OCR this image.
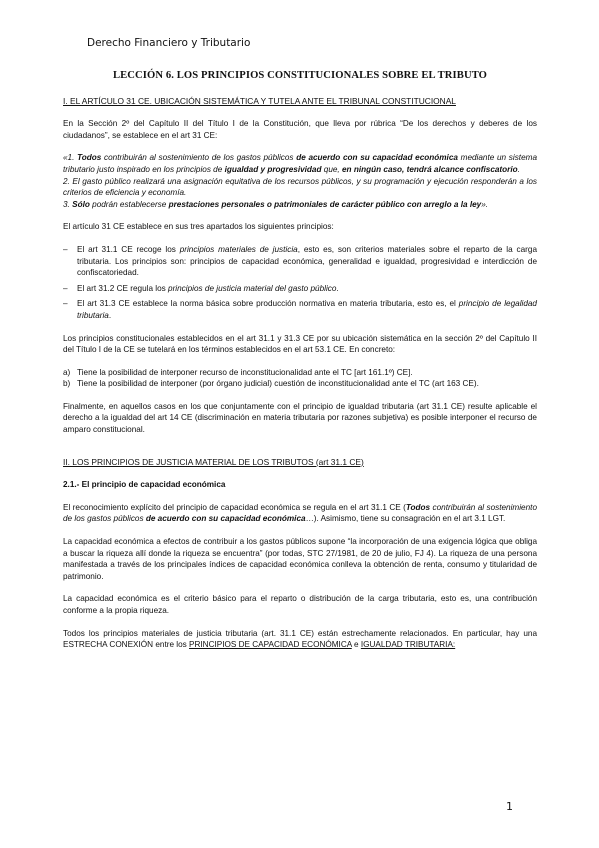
Derecho Financiero y Tributario
LECCIÓN 6. LOS PRINCIPIOS CONSTITUCIONALES SOBRE EL TRIBUTO
I. EL ARTÍCULO 31 CE. UBICACIÓN SISTEMÁTICA Y TUTELA ANTE EL TRIBUNAL CONSTITUCIONAL

En la Sección 2º del Capítulo II del Título I de la Constitución, que lleva por rúbrica “De los derechos y deberes de los ciudadanos”, se establece en el art 31 CE:

«1. Todos contribuirán al sostenimiento de los gastos públicos de acuerdo con su capacidad económica mediante un sistema tributario justo inspirado en los principios de igualdad y progresividad que, en ningún caso, tendrá alcance confiscatorio.
2. El gasto público realizará una asignación equitativa de los recursos públicos, y su programación y ejecución responderán a los criterios de eficiencia y economía.
3. Sólo podrán establecerse prestaciones personales o patrimoniales de carácter público con arreglo a la ley».

El artículo 31 CE establece en sus tres apartados los siguientes principios:

– El art 31.1 CE recoge los principios materiales de justicia, esto es, son criterios materiales sobre el reparto de la carga tributaria. Los principios son: principios de capacidad económica, generalidad e igualdad, progresividad e interdicción de confiscatoriedad.
– El art 31.2 CE regula los principios de justicia material del gasto público.
– El art 31.3 CE establece la norma básica sobre producción normativa en materia tributaria, esto es, el principio de legalidad tributaria.

Los principios constitucionales establecidos en el art 31.1 y 31.3 CE por su ubicación sistemática en la sección 2º del Capítulo II del Título I de la CE se tutelará en los términos establecidos en el art 53.1 CE. En concreto:

a) Tiene la posibilidad de interponer recurso de inconstitucionalidad ante el TC [art 161.1º) CE].
b) Tiene la posibilidad de interponer (por órgano judicial) cuestión de inconstitucionalidad ante el TC (art 163 CE).

Finalmente, en aquellos casos en los que conjuntamente con el principio de igualdad tributaria (art 31.1 CE) resulte aplicable el derecho a la igualdad del art 14 CE (discriminación en materia tributaria por razones subjetiva) es posible interponer el recurso de amparo constitucional.

II. LOS PRINCIPIOS DE JUSTICIA MATERIAL DE LOS TRIBUTOS (art 31.1 CE)
2.1.- El principio de capacidad económica

El reconocimiento explícito del principio de capacidad económica se regula en el art 31.1 CE (Todos contribuirán al sostenimiento de los gastos públicos de acuerdo con su capacidad económica…). Asimismo, tiene su consagración en el art 3.1 LGT.

La capacidad económica a efectos de contribuir a los gastos públicos supone “la incorporación de una exigencia lógica que obliga a buscar la riqueza allí donde la riqueza se encuentra” (por todas, STC 27/1981, de 20 de julio, FJ 4). La riqueza de una persona manifestada a través de los principales índices de capacidad económica conlleva la obtención de renta, consumo y titularidad de patrimonio.

La capacidad económica es el criterio básico para el reparto o distribución de la carga tributaria, esto es, una contribución conforme a la propia riqueza.

Todos los principios materiales de justicia tributaria (art. 31.1 CE) están estrechamente relacionados. En particular, hay una ESTRECHA CONEXIÓN entre los PRINCIPIOS DE CAPACIDAD ECONÓMICA e IGUALDAD TRIBUTARIA:

1
